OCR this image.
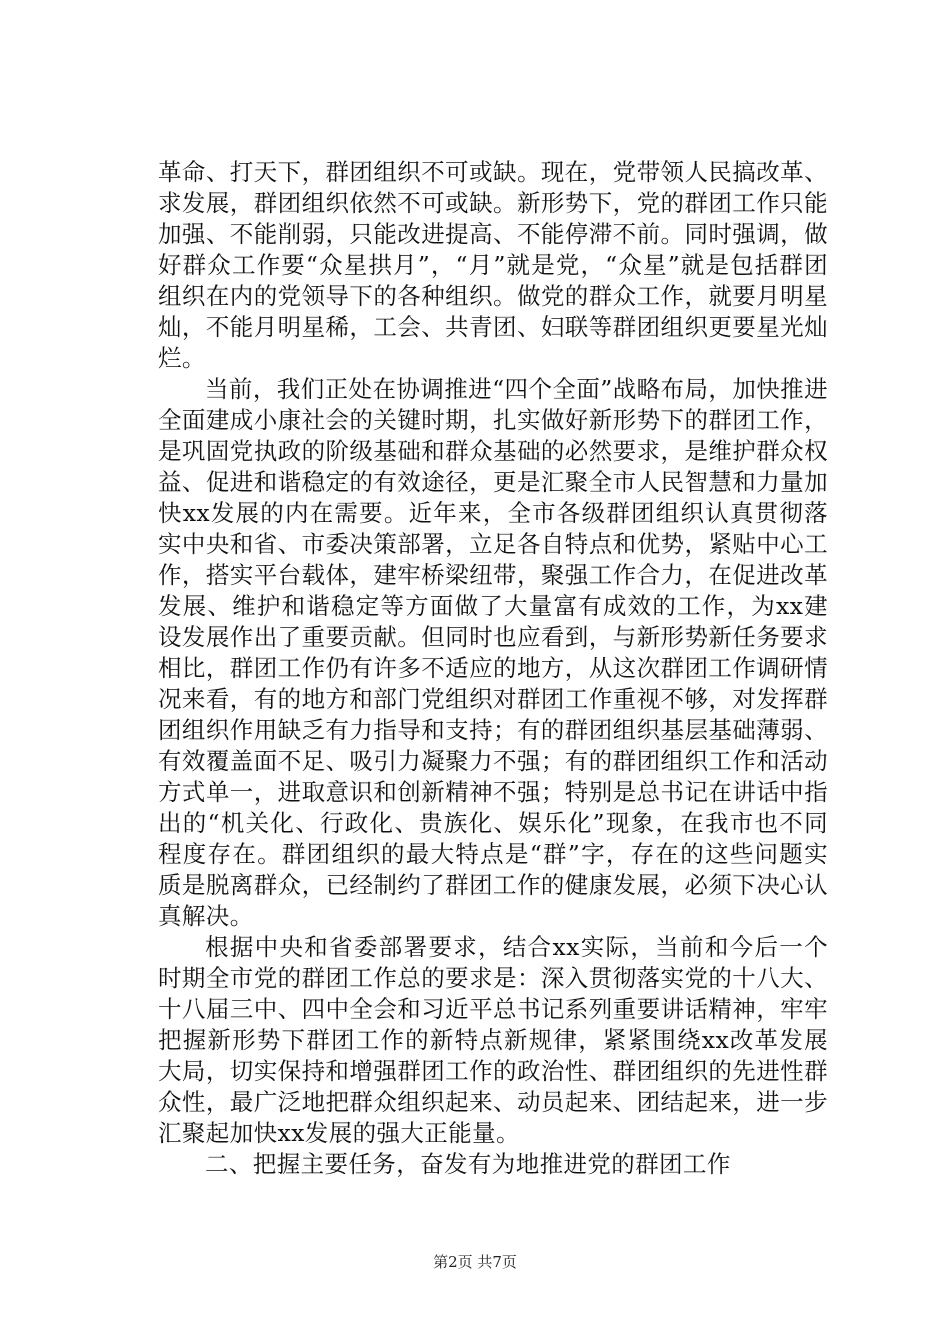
革命、打天下，群团组织不可或缺。现在，党带领人民搞改革、求发展，群团组织依然不可或缺。新形势下，党的群团工作只能加强、不能削弱，只能改进提高、不能停滞不前。同时强调，做好群众工作要“众星拱月”，“月”就是党，“众星”就是包括群团组织在内的党领导下的各种组织。做党的群众工作，就要月明星灿，不能月明星稀，工会、共青团、妇联等群团组织更要星光灿烂。

当前，我们正处在协调推进“四个全面”战略布局，加快推进全面建成小康社会的关键时期，扎实做好新形势下的群团工作，是巩固党执政的阶级基础和群众基础的必然要求，是维护群众权益、促进和谐稳定的有效途径，更是汇聚全市人民智慧和力量加快xx发展的内在需要。近年来，全市各级群团组织认真贯彻落实中央和省、市委决策部署，立足各自特点和优势，紧贴中心工作，搭实平台载体，建牢桥梁纽带，聚强工作合力，在促进改革发展、维护和谐稳定等方面做了大量富有成效的工作，为xx建设发展作出了重要贡献。但同时也应看到，与新形势新任务要求相比，群团工作仍有许多不适应的地方，从这次群团工作调研情况来看，有的地方和部门党组织对群团工作重视不够，对发挥群团组织作用缺乏有力指导和支持；有的群团组织基层基础薄弱、有效覆盖面不足、吸引力凝聚力不强；有的群团组织工作和活动方式单一，进取意识和创新精神不强；特别是总书记在讲话中指出的“机关化、行政化、贵族化、娱乐化”现象，在我市也不同程度存在。群团组织的最大特点是“群”字，存在的这些问题实质是脱离群众，已经制约了群团工作的健康发展，必须下决心认真解决。

根据中央和省委部署要求，结合xx实际，当前和今后一个时期全市党的群团工作总的要求是：深入贯彻落实党的十八大、十八届三中、四中全会和习近平总书记系列重要讲话精神，牢牢把握新形势下群团工作的新特点新规律，紧紧围绕xx改革发展大局，切实保持和增强群团工作的政治性、群团组织的先进性群众性，最广泛地把群众组织起来、动员起来、团结起来，进一步汇聚起加快xx发展的强大正能量。

二、把握主要任务，奋发有为地推进党的群团工作

第2页 共7页
